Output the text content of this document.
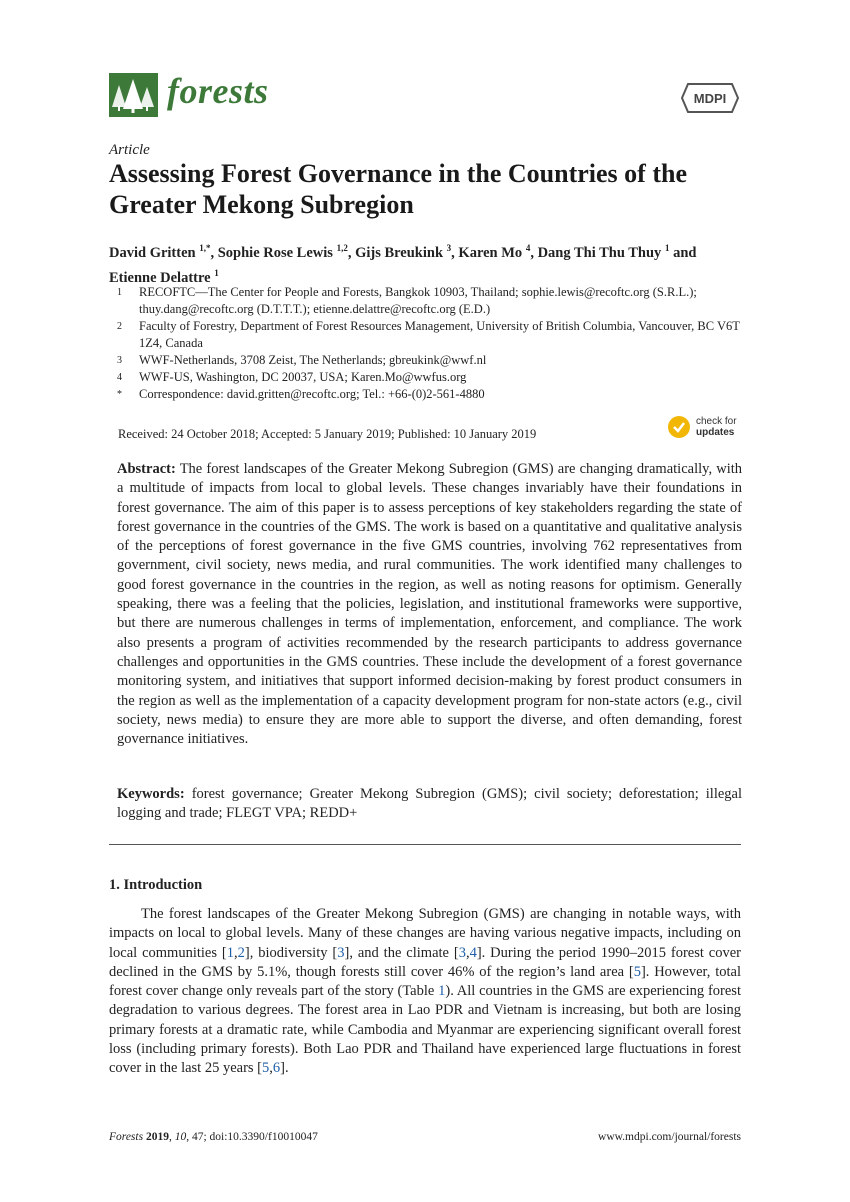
forests	MDPI
Article
Assessing Forest Governance in the Countries of the Greater Mekong Subregion
David Gritten $^{1,*}$, Sophie Rose Lewis $^{1,2}$, Gijs Breukink $^3$, Karen Mo $^4$, Dang Thi Thu Thuy $^1$ and
Etienne Delattre $^1$
1	RECOFTC—The Center for People and Forests, Bangkok 10903, Thailand; sophie.lewis@recoftc.org (S.R.L.); thuy.dang@recoftc.org (D.T.T.T.); etienne.delattre@recoftc.org (E.D.)
2	Faculty of Forestry, Department of Forest Resources Management, University of British Columbia, Vancouver, BC V6T 1Z4, Canada
3	WWF-Netherlands, 3708 Zeist, The Netherlands; gbreukink@wwf.nl
4	WWF-US, Washington, DC 20037, USA; Karen.Mo@wwfus.org
*	Correspondence: david.gritten@recoftc.org; Tel.: +66-(0)2-561-4880
Received: 24 October 2018; Accepted: 5 January 2019; Published: 10 January 2019
check for
updates
Abstract: The forest landscapes of the Greater Mekong Subregion (GMS) are changing dramatically, with a multitude of impacts from local to global levels. These changes invariably have their foundations in forest governance. The aim of this paper is to assess perceptions of key stakeholders regarding the state of forest governance in the countries of the GMS. The work is based on a quantitative and qualitative analysis of the perceptions of forest governance in the five GMS countries, involving 762 representatives from government, civil society, news media, and rural communities. The work identified many challenges to good forest governance in the countries in the region, as well as noting reasons for optimism. Generally speaking, there was a feeling that the policies, legislation, and institutional frameworks were supportive, but there are numerous challenges in terms of implementation, enforcement, and compliance. The work also presents a program of activities recommended by the research participants to address governance challenges and opportunities in the GMS countries. These include the development of a forest governance monitoring system, and initiatives that support informed decision-making by forest product consumers in the region as well as the implementation of a capacity development program for non-state actors (e.g., civil society, news media) to ensure they are more able to support the diverse, and often demanding, forest governance initiatives.
Keywords: forest governance; Greater Mekong Subregion (GMS); civil society; deforestation; illegal logging and trade; FLEGT VPA; REDD+
1. Introduction
The forest landscapes of the Greater Mekong Subregion (GMS) are changing in notable ways, with impacts on local to global levels. Many of these changes are having various negative impacts, including on local communities [1,2], biodiversity [3], and the climate [3,4]. During the period 1990–2015 forest cover declined in the GMS by 5.1%, though forests still cover 46% of the region’s land area [5]. However, total forest cover change only reveals part of the story (Table 1). All countries in the GMS are experiencing forest degradation to various degrees. The forest area in Lao PDR and Vietnam is increasing, but both are losing primary forests at a dramatic rate, while Cambodia and Myanmar are experiencing significant overall forest loss (including primary forests). Both Lao PDR and Thailand have experienced large fluctuations in forest cover in the last 25 years [5,6].
Forests 2019, 10, 47; doi:10.3390/f10010047	www.mdpi.com/journal/forests
